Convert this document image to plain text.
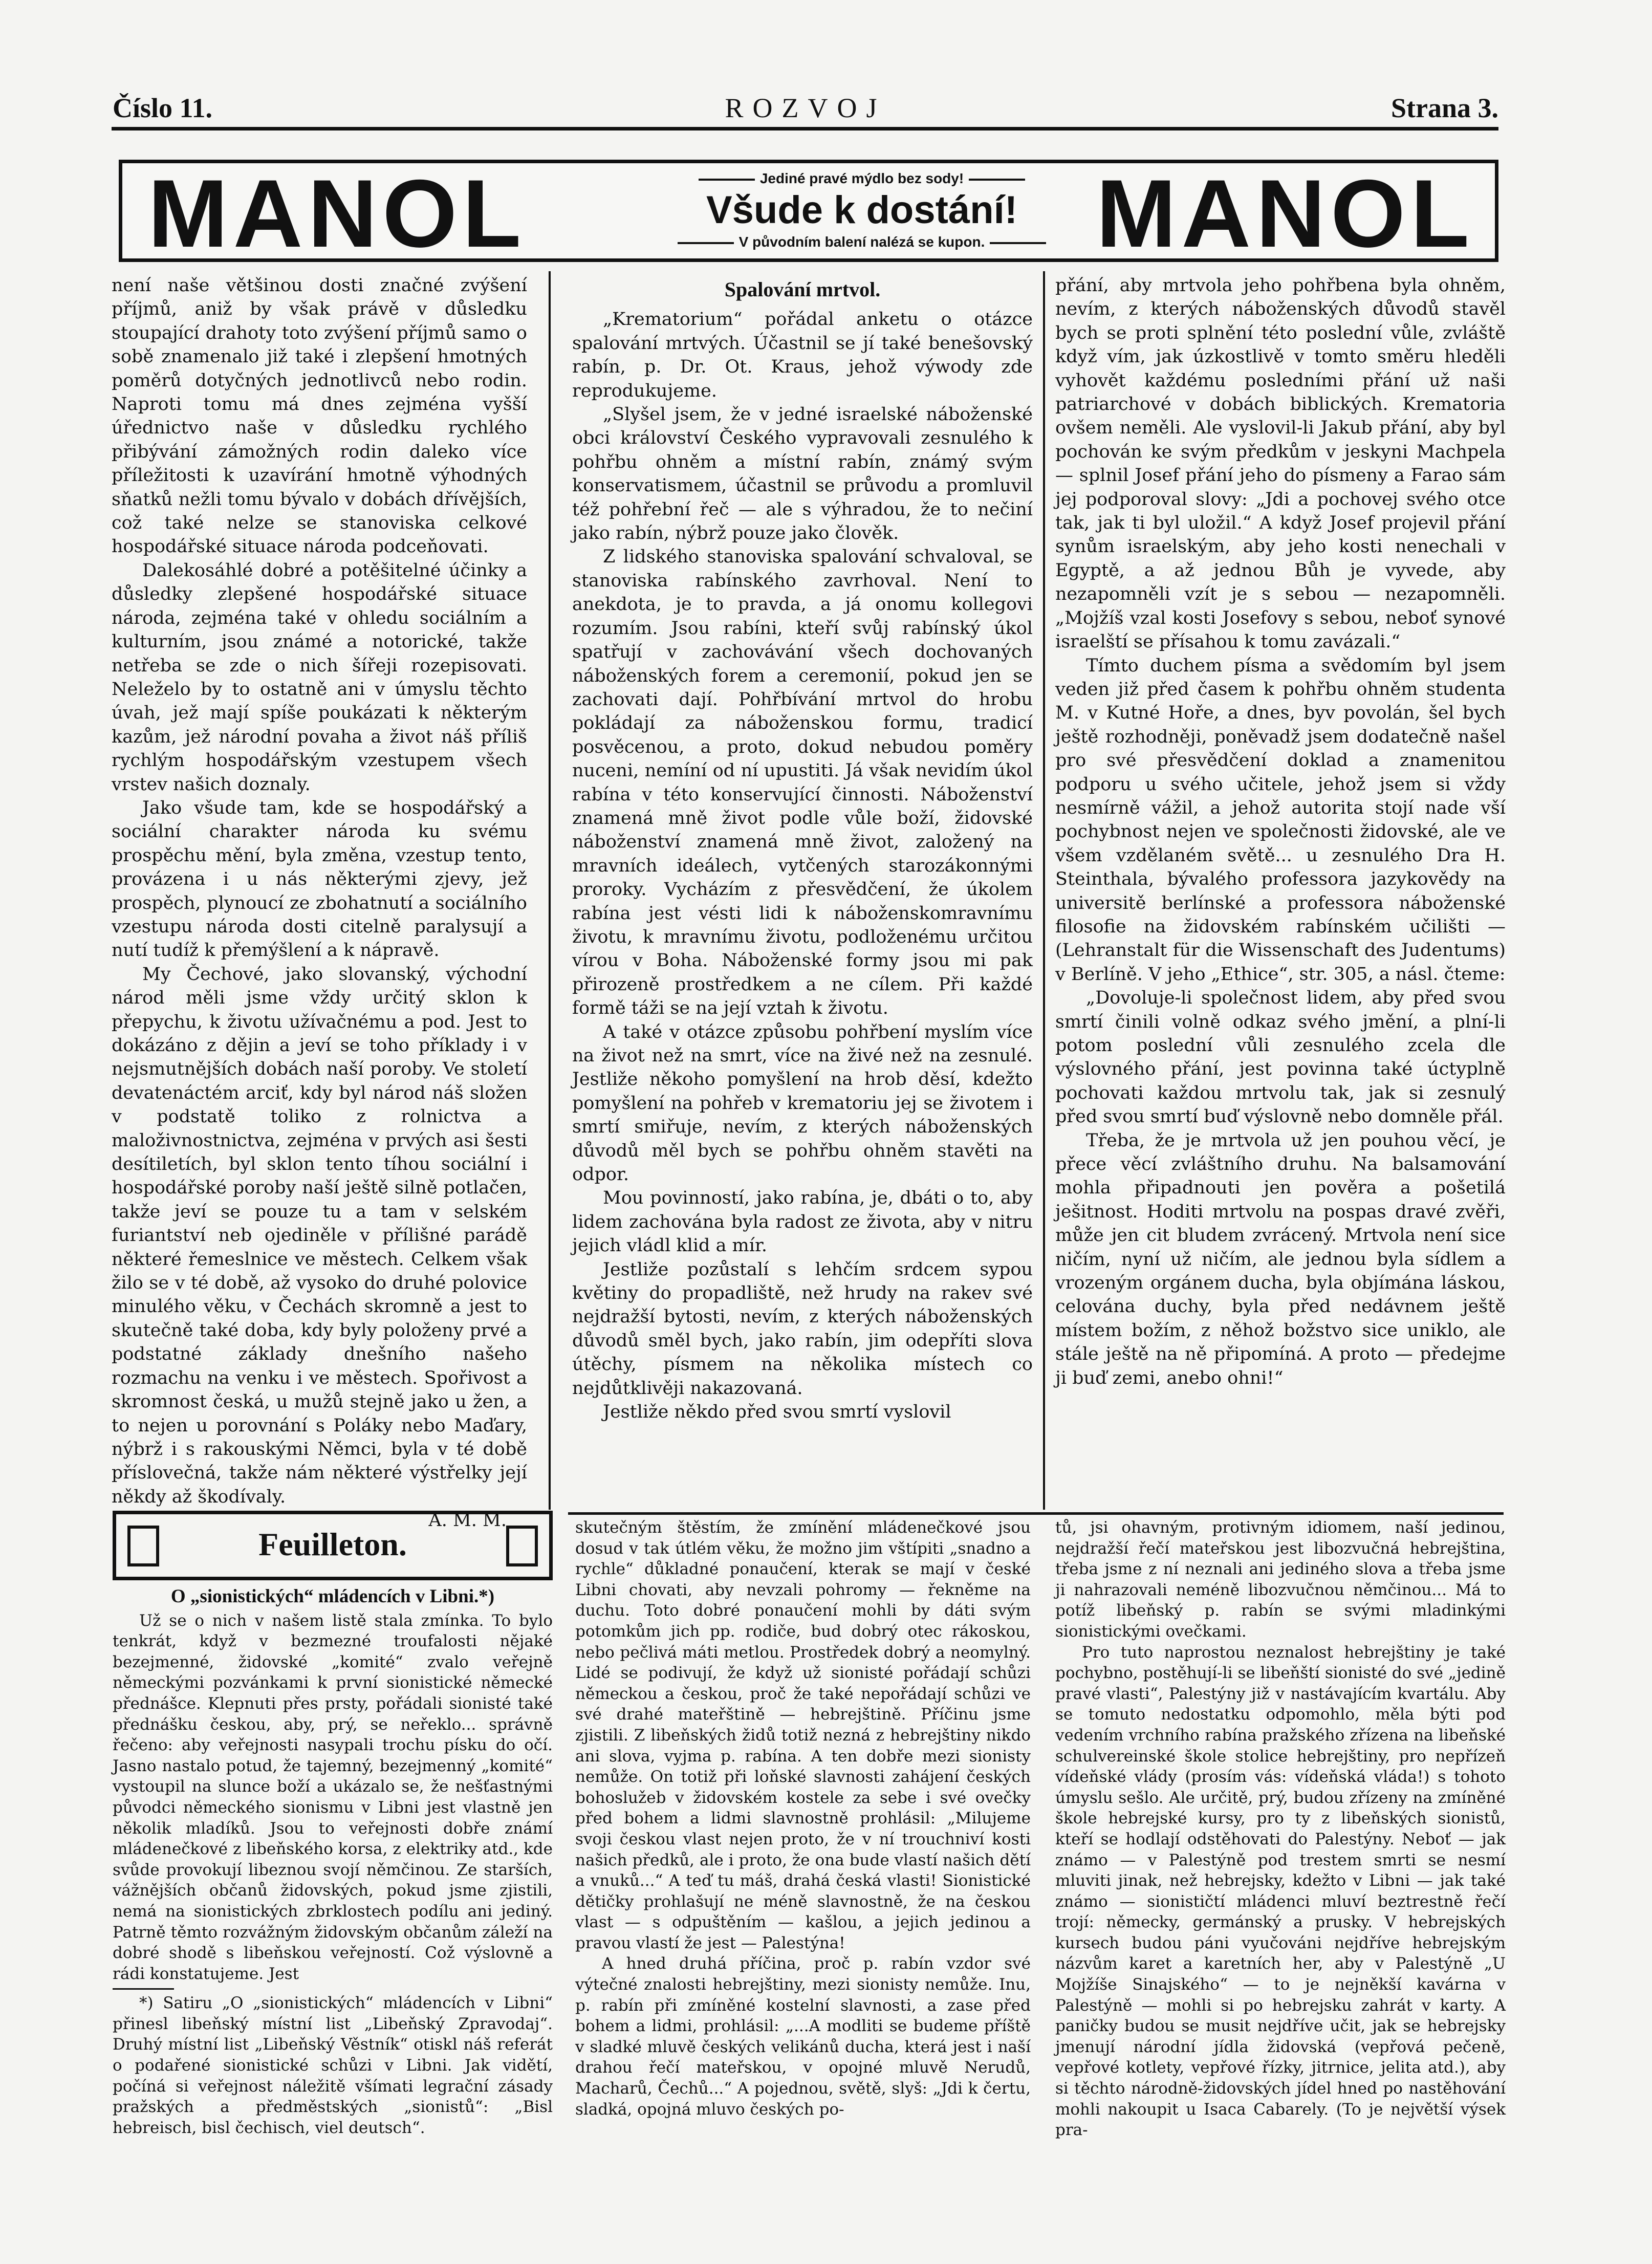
Číslo 11.	ROZVOJ	Strana 3.
MANOL	Jediné pravé mýdlo bez sody!
Všude k dostání!
V původním balení nalézá se kupon.	MANOL

není naše většinou dosti značné zvýšení příjmů, aniž by však právě v důsledku stoupající drahoty toto zvýšení příjmů samo o sobě znamenalo již také i zlepšení hmotných poměrů dotyčných jednotlivců nebo rodin. Naproti tomu má dnes zejména vyšší úřednictvo naše v důsledku rychlého přibývání zámožných rodin daleko více příležitosti k uzavírání hmotně výhodných sňatků nežli tomu bývalo v dobách dřívějších, což také nelze se stanoviska celkové hospodářské situace národa podceňovati.

Dalekosáhlé dobré a potěšitelné účinky a důsledky zlepšené hospodářské situace národa, zejména také v ohledu sociálním a kulturním, jsou známé a notorické, takže netřeba se zde o nich šířeji rozepisovati. Neleželo by to ostatně ani v úmyslu těchto úvah, jež mají spíše poukázati k některým kazům, jež národní povaha a život náš příliš rychlým hospodářským vzestupem všech vrstev našich doznaly.

Jako všude tam, kde se hospodářský a sociální charakter národa ku svému prospěchu mění, byla změna, vzestup tento, provázena i u nás některými zjevy, jež prospěch, plynoucí ze zbohatnutí a sociálního vzestupu národa dosti citelně paralysují a nutí tudíž k přemýšlení a k nápravě.

My Čechové, jako slovanský, východní národ měli jsme vždy určitý sklon k přepychu, k životu užívačnému a pod. Jest to dokázáno z dějin a jeví se toho příklady i v nejsmutnějších dobách naší poroby. Ve století devatenáctém arciť, kdy byl národ náš složen v podstatě toliko z rolnictva a maloživnostnictva, zejména v prvých asi šesti desítiletích, byl sklon tento tíhou sociální i hospodářské poroby naší ještě silně potlačen, takže jeví se pouze tu a tam v selském furiantství neb ojediněle v přílišné parádě některé řemeslnice ve městech. Celkem však žilo se v té době, až vysoko do druhé polovice minulého věku, v Čechách skromně a jest to skutečně také doba, kdy byly položeny prvé a podstatné základy dnešního našeho rozmachu na venku i ve městech. Spořivost a skromnost česká, u mužů stejně jako u žen, a to nejen u porovnání s Poláky nebo Maďary, nýbrž i s rakouskými Němci, byla v té době příslovečná, takže nám některé výstřelky její někdy až škodívaly.

A. M. M.
Spalování mrtvol.

„Krematorium“ pořádal anketu o otázce spalování mrtvých. Účastnil se jí také benešovský rabín, p. Dr. Ot. Kraus, jehož výwody zde reprodukujeme.

„Slyšel jsem, že v jedné israelské náboženské obci království Českého vypravovali zesnulého k pohřbu ohněm a místní rabín, známý svým konservatismem, účastnil se průvodu a promluvil též pohřební řeč — ale s výhradou, že to nečiní jako rabín, nýbrž pouze jako člověk.

Z lidského stanoviska spalování schvaloval, se stanoviska rabínského zavrhoval. Není to anekdota, je to pravda, a já onomu kollegovi rozumím. Jsou rabíni, kteří svůj rabínský úkol spatřují v zachovávání všech dochovaných náboženských forem a ceremonií, pokud jen se zachovati dají. Pohřbívání mrtvol do hrobu pokládají za náboženskou formu, tradicí posvěcenou, a proto, dokud nebudou poměry nuceni, nemíní od ní upustiti. Já však nevidím úkol rabína v této konservující činnosti. Náboženství znamená mně život podle vůle boží, židovské náboženství znamená mně život, založený na mravních ideálech, vytčených starozákonnými proroky. Vycházím z přesvědčení, že úkolem rabína jest vésti lidi k náboženskomravnímu životu, k mravnímu životu, podloženému určitou vírou v Boha. Náboženské formy jsou mi pak přirozeně prostředkem a ne cílem. Při každé formě táži se na její vztah k životu.

A také v otázce způsobu pohřbení myslím více na život než na smrt, více na živé než na zesnulé. Jestliže někoho pomyšlení na hrob děsí, kdežto pomyšlení na pohřeb v krematoriu jej se životem i smrtí smiřuje, nevím, z kterých náboženských důvodů měl bych se pohřbu ohněm stavěti na odpor.

Mou povinností, jako rabína, je, dbáti o to, aby lidem zachována byla radost ze života, aby v nitru jejich vládl klid a mír.

Jestliže pozůstalí s lehčím srdcem sypou květiny do propadliště, než hrudy na rakev své nejdražší bytosti, nevím, z kterých náboženských důvodů směl bych, jako rabín, jim odepříti slova útěchy, písmem na několika místech co nejdůtklivěji nakazovaná.

Jestliže někdo před svou smrtí vyslovil

přání, aby mrtvola jeho pohřbena byla ohněm, nevím, z kterých náboženských důvodů stavěl bych se proti splnění této poslední vůle, zvláště když vím, jak úzkostlivě v tomto směru hleděli vyhovět každému posledními přání už naši patriarchové v dobách biblických. Krematoria ovšem neměli. Ale vyslovil-li Jakub přání, aby byl pochován ke svým předkům v jeskyni Machpela — splnil Josef přání jeho do písmeny a Farao sám jej podporoval slovy: „Jdi a pochovej svého otce tak, jak ti byl uložil.“ A když Josef projevil přání synům israelským, aby jeho kosti nenechali v Egyptě, a až jednou Bůh je vyvede, aby nezapomněli vzít je s sebou — nezapomněli. „Mojžíš vzal kosti Josefovy s sebou, neboť synové israelští se přísahou k tomu zavázali.“

Tímto duchem písma a svědomím byl jsem veden již před časem k pohřbu ohněm studenta M. v Kutné Hoře, a dnes, byv povolán, šel bych ještě rozhodněji, poněvadž jsem dodatečně našel pro své přesvědčení doklad a znamenitou podporu u svého učitele, jehož jsem si vždy nesmírně vážil, a jehož autorita stojí nade vší pochybnost nejen ve společnosti židovské, ale ve všem vzdělaném světě... u zesnulého Dra H. Steinthala, bývalého professora jazykovědy na universitě berlínské a professora náboženské filosofie na židovském rabínském učilišti — (Lehranstalt für die Wissenschaft des Judentums) v Berlíně. V jeho „Ethice“, str. 305, a násl. čteme:

„Dovoluje-li společnost lidem, aby před svou smrtí činili volně odkaz svého jmění, a plní-li potom poslední vůli zesnulého zcela dle výslovného přání, jest povinna také úctyplně pochovati každou mrtvolu tak, jak si zesnulý před svou smrtí buď výslovně nebo domněle přál.

Třeba, že je mrtvola už jen pouhou věcí, je přece věcí zvláštního druhu. Na balsamování mohla připadnouti jen pověra a pošetilá ješitnost. Hoditi mrtvolu na pospas dravé zvěři, může jen cit bludem zvrácený. Mrtvola není sice ničím, nyní už ničím, ale jednou byla sídlem a vrozeným orgánem ducha, byla objímána láskou, celována duchy, byla před nedávnem ještě místem božím, z něhož božstvo sice uniklo, ale stále ještě na ně připomíná. A proto — předejme ji buď zemi, anebo ohni!“

Feuilleton.
O „sionistických“ mládencích v Libni.*)

Už se o nich v našem listě stala zmínka. To bylo tenkrát, když v bezmezné troufalosti nějaké bezejmenné, židovské „komité“ zvalo veřejně německými pozvánkami k první sionistické německé přednášce. Klepnuti přes prsty, pořádali sionisté také přednášku českou, aby, prý, se neřeklo... správně řečeno: aby veřejnosti nasypali trochu písku do očí. Jasno nastalo potud, že tajemný, bezejmenný „komité“ vystoupil na slunce boží a ukázalo se, že nešťastnými původci německého sionismu v Libni jest vlastně jen několik mladíků. Jsou to veřejnosti dobře známí mládenečkové z libeňského korsa, z elektriky atd., kde svůde provokují libeznou svojí němčinou. Ze starších, vážnějších občanů židovských, pokud jsme zjistili, nemá na sionistických zbrklostech podílu ani jediný. Patrně těmto rozvážným židovským občanům záleží na dobré shodě s libeňskou veřejností. Což výslovně a rádi konstatujeme. Jest

*) Satiru „O „sionistických“ mládencích v Libni“ přinesl libeňský místní list „Libeňský Zpravodaj“. Druhý místní list „Libeňský Věstník“ otiskl náš referát o podařené sionistické schůzi v Libni. Jak vidětí, počíná si veřejnost náležitě všímati legrační zásady pražských a předměstských „sionistů“: „Bisl hebreisch, bisl čechisch, viel deutsch“.

skutečným štěstím, že zmínění mládenečkové jsou dosud v tak útlém věku, že možno jim vštípiti „snadno a rychle“ důkladné ponaučení, kterak se mají v české Libni chovati, aby nevzali pohromy — řekněme na duchu. Toto dobré ponaučení mohli by dáti svým potomkům jich pp. rodiče, bud dobrý otec rákoskou, nebo pečlivá máti metlou. Prostředek dobrý a neomylný. Lidé se podivují, že když už sionisté pořádají schůzi německou a českou, proč že také nepořádají schůzi ve své drahé mateřštině — hebrejštině. Příčinu jsme zjistili. Z libeňských židů totiž nezná z hebrejštiny nikdo ani slova, vyjma p. rabína. A ten dobře mezi sionisty nemůže. On totiž při loňské slavnosti zahájení českých bohoslužeb v židovském kostele za sebe i své ovečky před bohem a lidmi slavnostně prohlásil: „Milujeme svoji českou vlast nejen proto, že v ní trouchniví kosti našich předků, ale i proto, že ona bude vlastí našich dětí a vnuků...“ A teď tu máš, drahá česká vlasti! Sionistické dětičky prohlašují ne méně slavnostně, že na českou vlast — s odpuštěním — kašlou, a jejich jedinou a pravou vlastí že jest — Palestýna!

A hned druhá příčina, proč p. rabín vzdor své výtečné znalosti hebrejštiny, mezi sionisty nemůže. Inu, p. rabín při zmíněné kostelní slavnosti, a zase před bohem a lidmi, prohlásil: „...A modliti se budeme příště v sladké mluvě českých velikánů ducha, která jest i naší drahou řečí mateřskou, v opojné mluvě Nerudů, Macharů, Čechů...“ A pojednou, světě, slyš: „Jdi k čertu, sladká, opojná mluvo českých po-

tů, jsi ohavným, protivným idiomem, naší jedinou, nejdražší řečí mateřskou jest libozvučná hebrejština, třeba jsme z ní neznali ani jediného slova a třeba jsme ji nahrazovali neméně libozvučnou němčinou... Má to potíž libeňský p. rabín se svými mladinkými sionistickými ovečkami.

Pro tuto naprostou neznalost hebrejštiny je také pochybno, postěhují-li se libeňští sionisté do své „jedině pravé vlasti“, Palestýny již v nastávajícím kvartálu. Aby se tomuto nedostatku odpomohlo, měla býti pod vedením vrchního rabína pražského zřízena na libeňské schulvereinské škole stolice hebrejštiny, pro nepřízeň vídeňské vlády (prosím vás: vídeňská vláda!) s tohoto úmyslu sešlo. Ale určitě, prý, budou zřízeny na zmíněné škole hebrejské kursy, pro ty z libeňských sionistů, kteří se hodlají odstěhovati do Palestýny. Neboť — jak známo — v Palestýně pod trestem smrti se nesmí mluviti jinak, než hebrejsky, kdežto v Libni — jak také známo — sionističtí mládenci mluví beztrestně řečí trojí: německy, germánský a prusky. V hebrejských kursech budou páni vyučováni nejdříve hebrejským názvům karet a karetních her, aby v Palestýně „U Mojžíše Sinajského“ — to je nejněkší kavárna v Palestýně — mohli si po hebrejsku zahrát v karty. A paničky budou se musit nejdříve učit, jak se hebrejsky jmenují národní jídla židovská (vepřová pečeně, vepřové kotlety, vepřové řízky, jitrnice, jelita atd.), aby si těchto národně-židovských jídel hned po nastěhování mohli nakoupit u Isaca Cabarely. (To je největší výsek pra-
